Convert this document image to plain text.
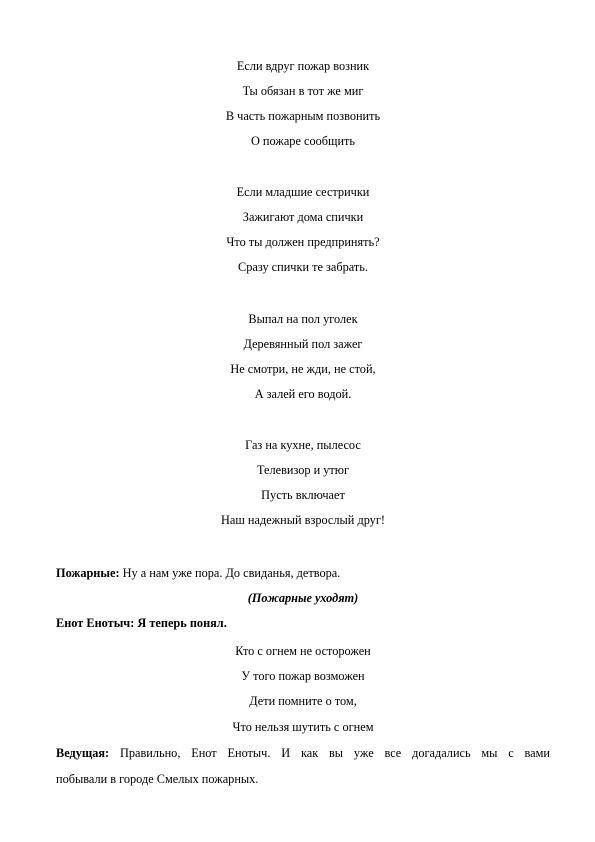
Если вдруг пожар возник
Ты обязан в тот же миг
В часть пожарным позвонить
О пожаре сообщить
Если младшие сестрички
Зажигают дома спички
Что ты должен предпринять?
Сразу спички те забрать.
Выпал на пол уголек
Деревянный пол зажег
Не смотри, не жди, не стой,
А залей его водой.
Газ на кухне, пылесос
Телевизор и утюг
Пусть включает
Наш надежный взрослый друг!
Пожарные: Ну а нам уже пора. До свиданья, детвора.
(Пожарные уходят)
Енот Енотыч: Я теперь понял.
Кто с огнем не осторожен
У того пожар возможен
Дети помните о том,
Что нельзя шутить с огнем
Ведущая: Правильно, Енот Енотыч. И как вы уже все догадались мы с вами
побывали в городе Смелых пожарных.
